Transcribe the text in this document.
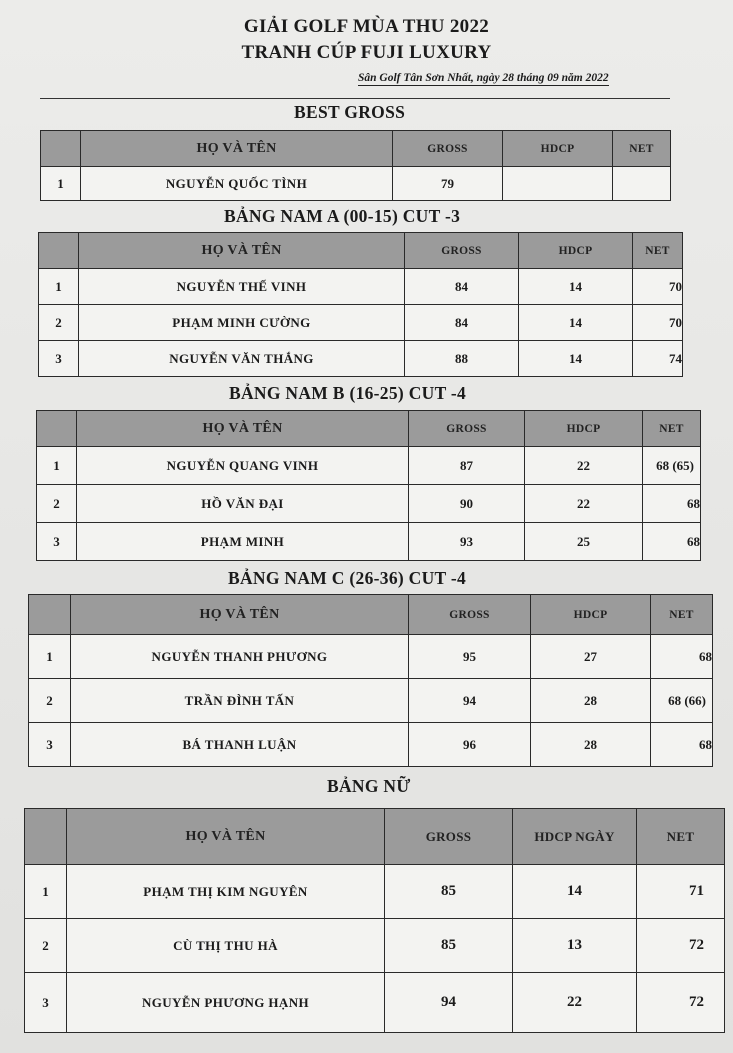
GIẢI GOLF MÙA THU 2022
TRANH CÚP FUJI LUXURY
Sân Golf Tân Sơn Nhất, ngày 28 tháng 09 năm 2022
BEST GROSS
	HỌ VÀ TÊN	GROSS	HDCP	NET
1	NGUYỄN QUỐC TÌNH	79		
BẢNG NAM A (00-15) CUT -3
	HỌ VÀ TÊN	GROSS	HDCP	NET
1	NGUYỄN THẾ VINH	84	14	70
2	PHẠM MINH CƯỜNG	84	14	70
3	NGUYỄN VĂN THẮNG	88	14	74
BẢNG NAM B (16-25) CUT -4
	HỌ VÀ TÊN	GROSS	HDCP	NET
1	NGUYỄN QUANG VINH	87	22	68 (65)
2	HỒ VĂN ĐẠI	90	22	68
3	PHẠM MINH	93	25	68
BẢNG NAM C (26-36) CUT -4
	HỌ VÀ TÊN	GROSS	HDCP	NET
1	NGUYỄN THANH PHƯƠNG	95	27	68
2	TRẦN ĐÌNH TẤN	94	28	68 (66)
3	BÁ THANH LUẬN	96	28	68
BẢNG NỮ
	HỌ VÀ TÊN	GROSS	HDCP NGÀY	NET
1	PHẠM THỊ KIM NGUYÊN	85	14	71
2	CÙ THỊ THU HÀ	85	13	72
3	NGUYỄN PHƯƠNG HẠNH	94	22	72
